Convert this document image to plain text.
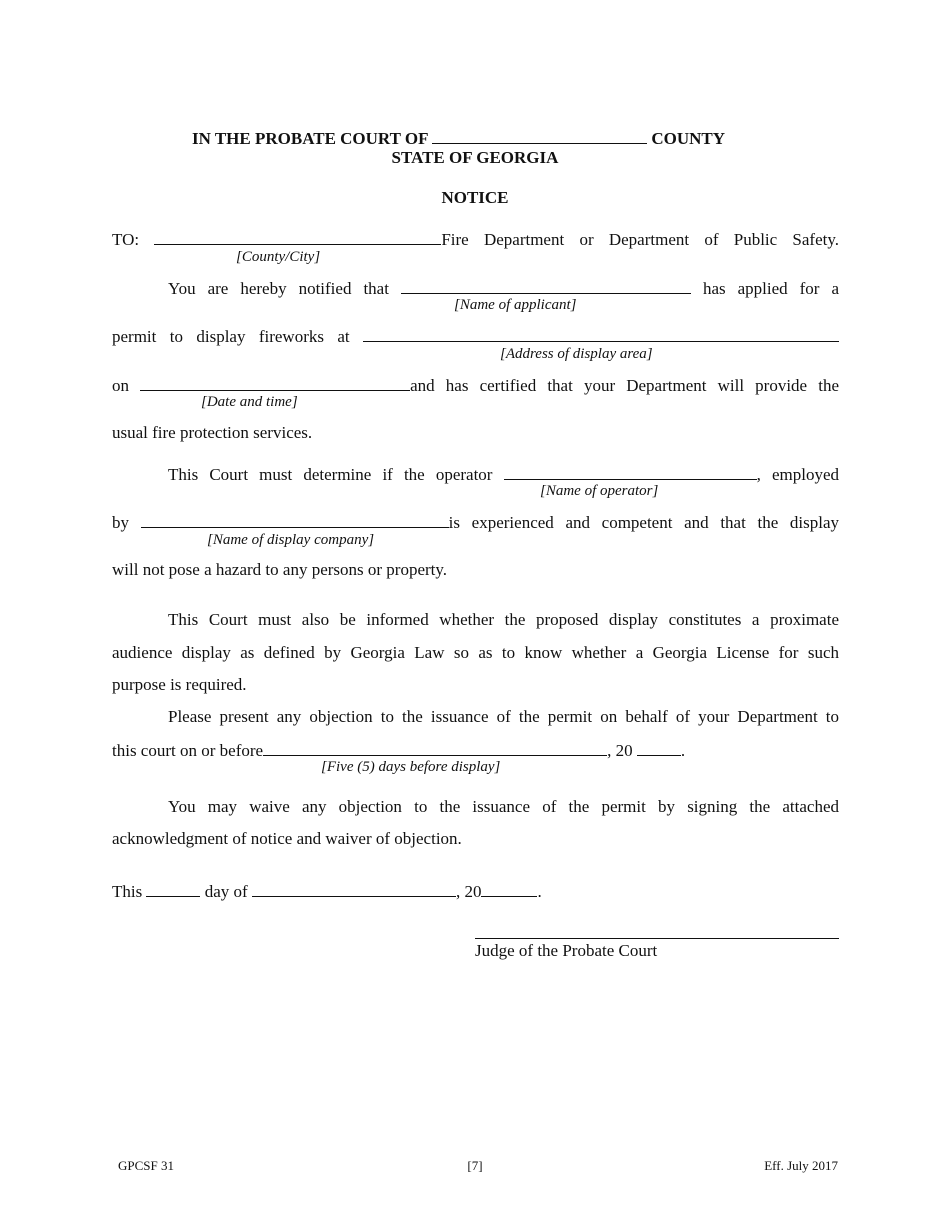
IN THE PROBATE COURT OF	COUNTY
STATE OF GEORGIA
NOTICE
TO:	Fire Department or Department of Public Safety.
[County/City]
You are hereby notified that	has applied for a
[Name of applicant]
permit to display fireworks at
[Address of display area]
on	and has certified that your Department will provide the
[Date and time]
usual fire protection services.
This Court must determine if the operator	, employed
[Name of operator]
by	is experienced and competent and that the display
[Name of display company]
will not pose a hazard to any persons or property.
This Court must also be informed whether the proposed display constitutes a proximate
audience display as defined by Georgia Law so as to know whether a Georgia License for such
purpose is required.
Please present any objection to the issuance of the permit on behalf of your Department to
this court on or before	, 20	.
[Five (5) days before display]
You may waive any objection to the issuance of the permit by signing the attached
acknowledgment of notice and waiver of objection.
This	day of	, 20	.
Judge of the Probate Court
GPCSF 31	[7]	Eff. July 2017
